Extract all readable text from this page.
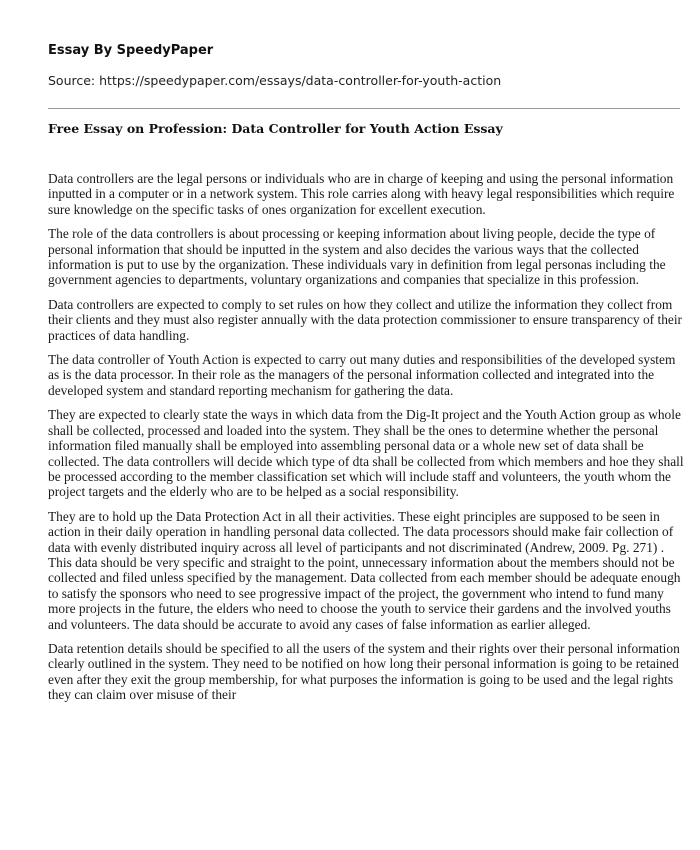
Essay By SpeedyPaper
Source: https://speedypaper.com/essays/data-controller-for-youth-action
Free Essay on Profession: Data Controller for Youth Action Essay

Data controllers are the legal persons or individuals who are in charge of keeping and using the personal information inputted in a computer or in a network system. This role carries along with heavy legal responsibilities which require sure knowledge on the specific tasks of ones organization for excellent execution.

The role of the data controllers is about processing or keeping information about living people, decide the type of personal information that should be inputted in the system and also decides the various ways that the collected information is put to use by the organization. These individuals vary in definition from legal personas including the government agencies to departments, voluntary organizations and companies that specialize in this profession.

Data controllers are expected to comply to set rules on how they collect and utilize the information they collect from their clients and they must also register annually with the data protection commissioner to ensure transparency of their practices of data handling.

The data controller of Youth Action is expected to carry out many duties and responsibilities of the developed system as is the data processor. In their role as the managers of the personal information collected and integrated into the developed system and standard reporting mechanism for gathering the data.

They are expected to clearly state the ways in which data from the Dig-It project and the Youth Action group as whole shall be collected, processed and loaded into the system. They shall be the ones to determine whether the personal information filed manually shall be employed into assembling personal data or a whole new set of data shall be collected. The data controllers will decide which type of dta shall be collected from which members and hoe they shall be processed according to the member classification set which will include staff and volunteers, the youth whom the project targets and the elderly who are to be helped as a social responsibility.

They are to hold up the Data Protection Act in all their activities. These eight principles are supposed to be seen in action in their daily operation in handling personal data collected. The data processors should make fair collection of data with evenly distributed inquiry across all level of participants and not discriminated (Andrew, 2009. Pg. 271) . This data should be very specific and straight to the point, unnecessary information about the members should not be collected and filed unless specified by the management. Data collected from each member should be adequate enough to satisfy the sponsors who need to see progressive impact of the project, the government who intend to fund many more projects in the future, the elders who need to choose the youth to service their gardens and the involved youths and volunteers. The data should be accurate to avoid any cases of false information as earlier alleged.

Data retention details should be specified to all the users of the system and their rights over their personal information clearly outlined in the system. They need to be notified on how long their personal information is going to be retained even after they exit the group membership, for what purposes the information is going to be used and the legal rights they can claim over misuse of their
